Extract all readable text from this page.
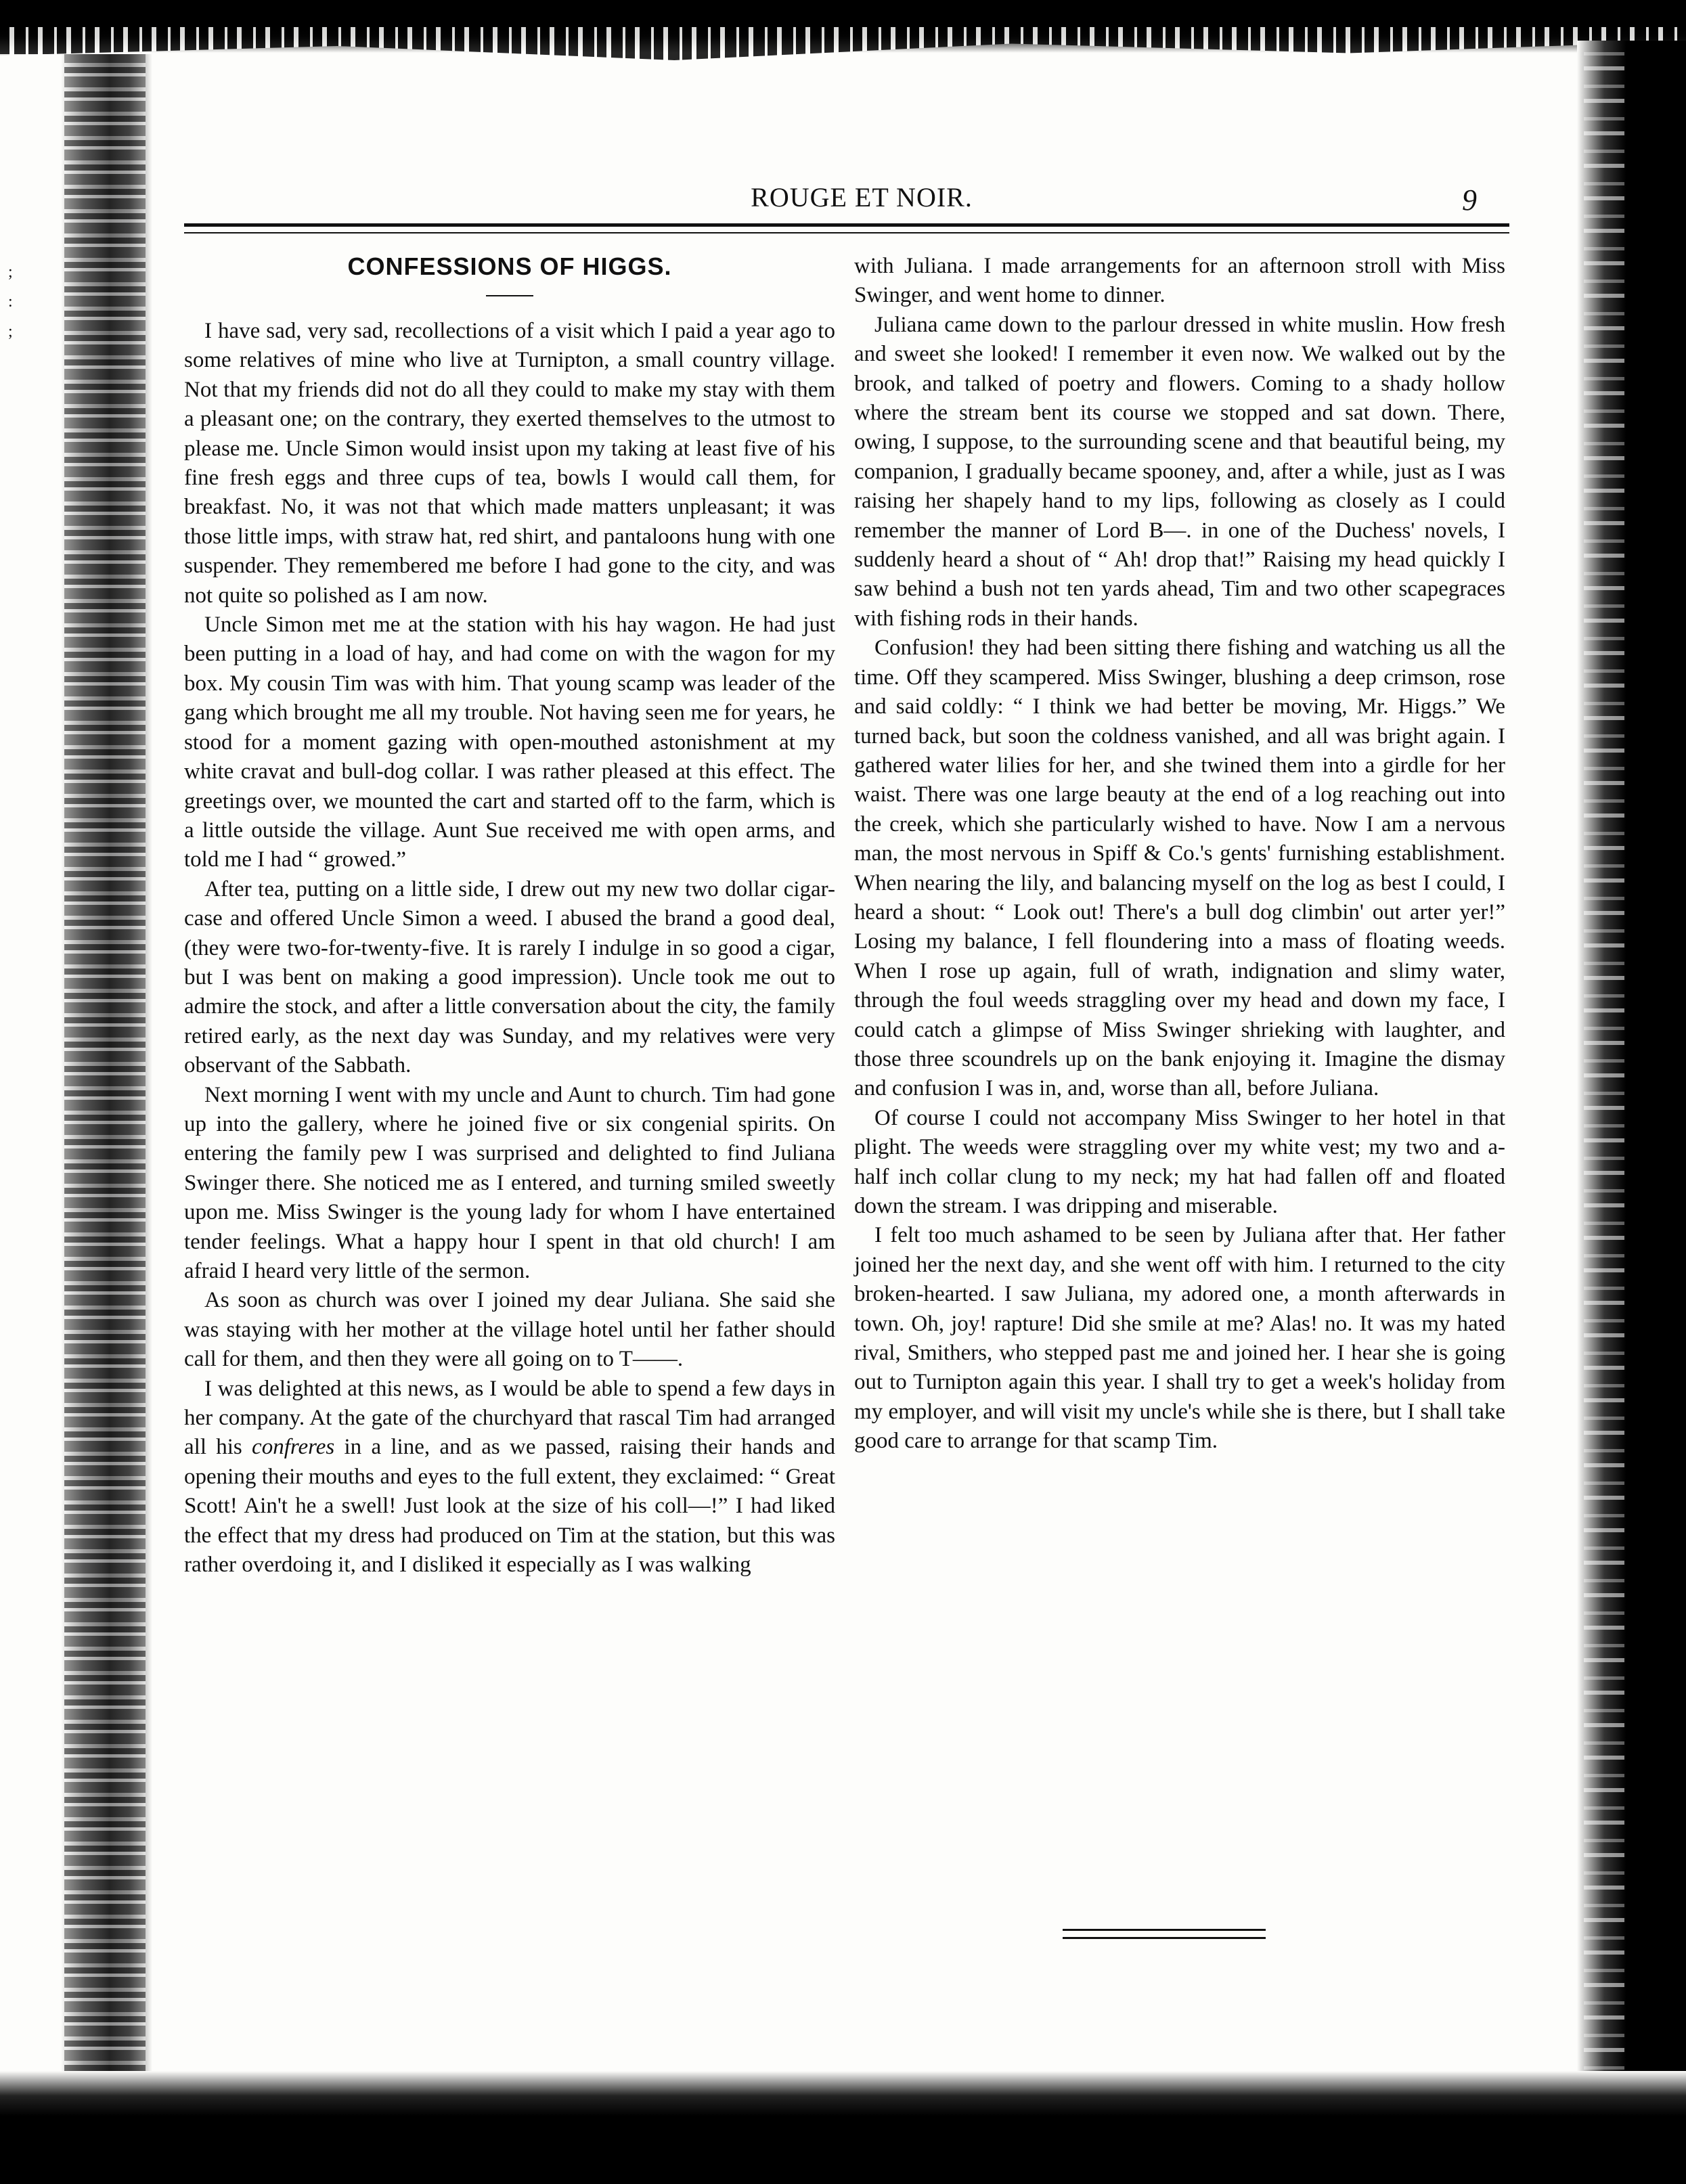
;
:
;
ROUGE ET NOIR.	9
CONFESSIONS OF HIGGS.

I have sad, very sad, recollections of a visit which I paid a year ago to some relatives of mine who live at Turnipton, a small country village. Not that my friends did not do all they could to make my stay with them a pleasant one; on the contrary, they exerted themselves to the utmost to please me. Uncle Simon would insist upon my taking at least five of his fine fresh eggs and three cups of tea, bowls I would call them, for breakfast. No, it was not that which made matters unpleasant; it was those little imps, with straw hat, red shirt, and pantaloons hung with one suspender. They remembered me before I had gone to the city, and was not quite so polished as I am now.

Uncle Simon met me at the station with his hay wagon. He had just been putting in a load of hay, and had come on with the wagon for my box. My cousin Tim was with him. That young scamp was leader of the gang which brought me all my trouble. Not having seen me for years, he stood for a moment gazing with open-mouthed astonishment at my white cravat and bull-dog collar. I was rather pleased at this effect. The greetings over, we mounted the cart and started off to the farm, which is a little outside the village. Aunt Sue received me with open arms, and told me I had “ growed.”

After tea, putting on a little side, I drew out my new two dollar cigar-case and offered Uncle Simon a weed. I abused the brand a good deal, (they were two-for-twenty-five. It is rarely I indulge in so good a cigar, but I was bent on making a good impression). Uncle took me out to admire the stock, and after a little conversation about the city, the family retired early, as the next day was Sunday, and my relatives were very observant of the Sabbath.

Next morning I went with my uncle and Aunt to church. Tim had gone up into the gallery, where he joined five or six congenial spirits. On entering the family pew I was surprised and delighted to find Juliana Swinger there. She noticed me as I entered, and turning smiled sweetly upon me. Miss Swinger is the young lady for whom I have entertained tender feelings. What a happy hour I spent in that old church! I am afraid I heard very little of the sermon.

As soon as church was over I joined my dear Juliana. She said she was staying with her mother at the village hotel until her father should call for them, and then they were all going on to T——.

I was delighted at this news, as I would be able to spend a few days in her company. At the gate of the churchyard that rascal Tim had arranged all his confreres in a line, and as we passed, raising their hands and opening their mouths and eyes to the full extent, they exclaimed: “ Great Scott! Ain't he a swell! Just look at the size of his coll—!” I had liked the effect that my dress had produced on Tim at the station, but this was rather overdoing it, and I disliked it especially as I was walking

with Juliana. I made arrangements for an afternoon stroll with Miss Swinger, and went home to dinner.

Juliana came down to the parlour dressed in white muslin. How fresh and sweet she looked! I remember it even now. We walked out by the brook, and talked of poetry and flowers. Coming to a shady hollow where the stream bent its course we stopped and sat down. There, owing, I suppose, to the surrounding scene and that beautiful being, my companion, I gradually became spooney, and, after a while, just as I was raising her shapely hand to my lips, following as closely as I could remember the manner of Lord B—. in one of the Duchess' novels, I suddenly heard a shout of “ Ah! drop that!” Raising my head quickly I saw behind a bush not ten yards ahead, Tim and two other scapegraces with fishing rods in their hands.

Confusion! they had been sitting there fishing and watching us all the time. Off they scampered. Miss Swinger, blushing a deep crimson, rose and said coldly: “ I think we had better be moving, Mr. Higgs.” We turned back, but soon the coldness vanished, and all was bright again. I gathered water lilies for her, and she twined them into a girdle for her waist. There was one large beauty at the end of a log reaching out into the creek, which she particularly wished to have. Now I am a nervous man, the most nervous in Spiff & Co.'s gents' furnishing establishment. When nearing the lily, and balancing myself on the log as best I could, I heard a shout: “ Look out! There's a bull dog climbin' out arter yer!” Losing my balance, I fell floundering into a mass of floating weeds. When I rose up again, full of wrath, indignation and slimy water, through the foul weeds straggling over my head and down my face, I could catch a glimpse of Miss Swinger shrieking with laughter, and those three scoundrels up on the bank enjoying it. Imagine the dismay and confusion I was in, and, worse than all, before Juliana.

Of course I could not accompany Miss Swinger to her hotel in that plight. The weeds were straggling over my white vest; my two and a-half inch collar clung to my neck; my hat had fallen off and floated down the stream. I was dripping and miserable.

I felt too much ashamed to be seen by Juliana after that. Her father joined her the next day, and she went off with him. I returned to the city broken-hearted. I saw Juliana, my adored one, a month afterwards in town. Oh, joy! rapture! Did she smile at me? Alas! no. It was my hated rival, Smithers, who stepped past me and joined her. I hear she is going out to Turnipton again this year. I shall try to get a week's holiday from my employer, and will visit my uncle's while she is there, but I shall take good care to arrange for that scamp Tim.
